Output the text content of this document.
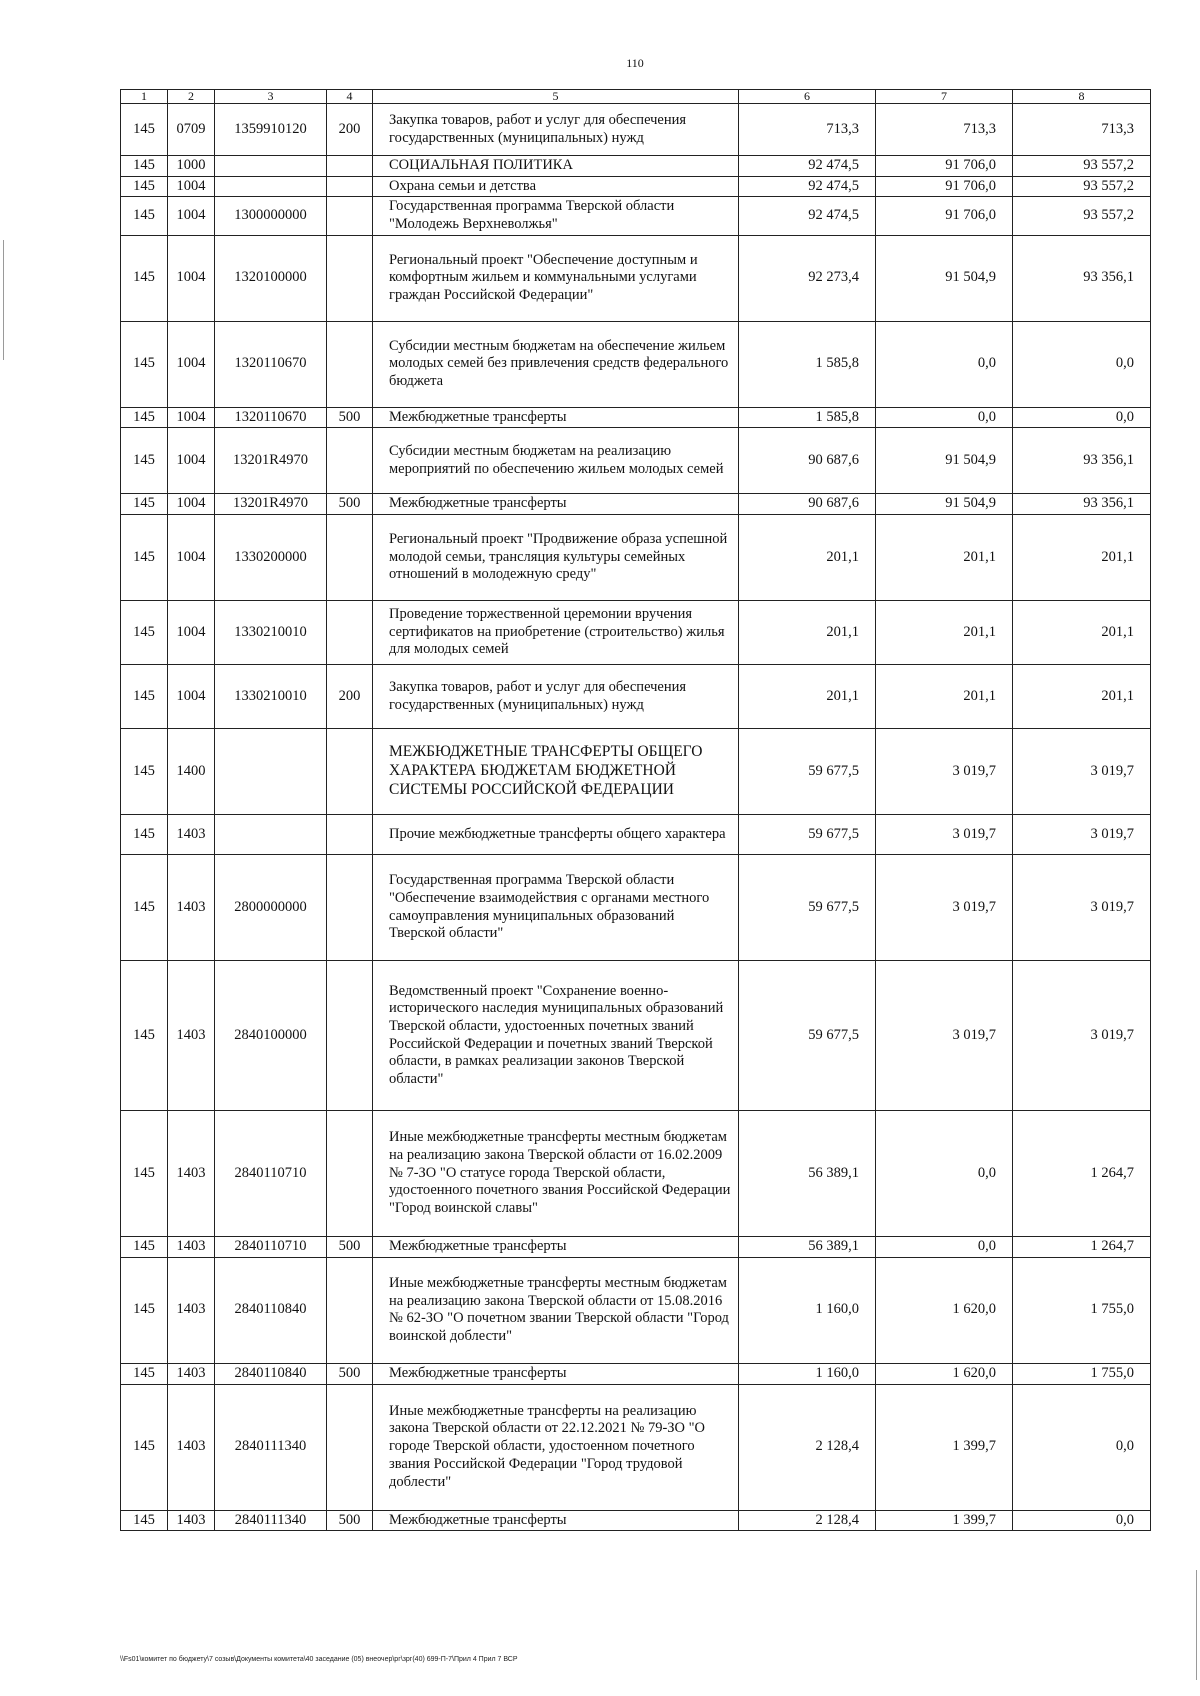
110
1	2	3	4	5	6	7	8
145	0709	1359910120	200	Закупка товаров, работ и услуг для обеспечения государственных (муниципальных) нужд	713,3	713,3	713,3
145	1000			СОЦИАЛЬНАЯ ПОЛИТИКА	92 474,5	91 706,0	93 557,2
145	1004			Охрана семьи и детства	92 474,5	91 706,0	93 557,2
145	1004	1300000000		Государственная программа Тверской области "Молодежь Верхневолжья"	92 474,5	91 706,0	93 557,2
145	1004	1320100000		Региональный проект "Обеспечение доступным и комфортным жильем и коммунальными услугами граждан Российской Федерации"	92 273,4	91 504,9	93 356,1
145	1004	1320110670		Субсидии местным бюджетам на обеспечение жильем молодых семей без привлечения средств федерального бюджета	1 585,8	0,0	0,0
145	1004	1320110670	500	Межбюджетные трансферты	1 585,8	0,0	0,0
145	1004	13201R4970		Субсидии местным бюджетам на реализацию мероприятий по обеспечению жильем молодых семей	90 687,6	91 504,9	93 356,1
145	1004	13201R4970	500	Межбюджетные трансферты	90 687,6	91 504,9	93 356,1
145	1004	1330200000		Региональный проект "Продвижение образа успешной молодой семьи, трансляция культуры семейных отношений в молодежную среду"	201,1	201,1	201,1
145	1004	1330210010		Проведение торжественной церемонии вручения сертификатов на приобретение (строительство) жилья для молодых семей	201,1	201,1	201,1
145	1004	1330210010	200	Закупка товаров, работ и услуг для обеспечения государственных (муниципальных) нужд	201,1	201,1	201,1
145	1400			МЕЖБЮДЖЕТНЫЕ ТРАНСФЕРТЫ ОБЩЕГО ХАРАКТЕРА БЮДЖЕТАМ БЮДЖЕТНОЙ СИСТЕМЫ РОССИЙСКОЙ ФЕДЕРАЦИИ	59 677,5	3 019,7	3 019,7
145	1403			Прочие межбюджетные трансферты общего характера	59 677,5	3 019,7	3 019,7
145	1403	2800000000		Государственная программа Тверской области "Обеспечение взаимодействия с органами местного самоуправления муниципальных образований Тверской области"	59 677,5	3 019,7	3 019,7
145	1403	2840100000		Ведомственный проект "Сохранение военно-исторического наследия муниципальных образований Тверской области, удостоенных почетных званий Российской Федерации и почетных званий Тверской области, в рамках реализации законов Тверской области"	59 677,5	3 019,7	3 019,7
145	1403	2840110710		Иные межбюджетные трансферты местным бюджетам на реализацию закона Тверской области от 16.02.2009 № 7-ЗО "О статусе города Тверской области, удостоенного почетного звания Российской Федерации "Город воинской славы"	56 389,1	0,0	1 264,7
145	1403	2840110710	500	Межбюджетные трансферты	56 389,1	0,0	1 264,7
145	1403	2840110840		Иные межбюджетные трансферты местным бюджетам на реализацию закона Тверской области от 15.08.2016 № 62-ЗО "О почетном звании Тверской области "Город воинской доблести"	1 160,0	1 620,0	1 755,0
145	1403	2840110840	500	Межбюджетные трансферты	1 160,0	1 620,0	1 755,0
145	1403	2840111340		Иные межбюджетные трансферты на реализацию закона Тверской области от 22.12.2021 № 79-ЗО "О городе Тверской области, удостоенном почетного звания Российской Федерации "Город трудовой доблести"	2 128,4	1 399,7	0,0
145	1403	2840111340	500	Межбюджетные трансферты	2 128,4	1 399,7	0,0
\\Fs01\комитет по бюджету\7 созыв\Документы комитета\40 заседание (05) внеочер\рг\зрг(40) 699-П-7\Прил 4 Прил 7 ВСР
